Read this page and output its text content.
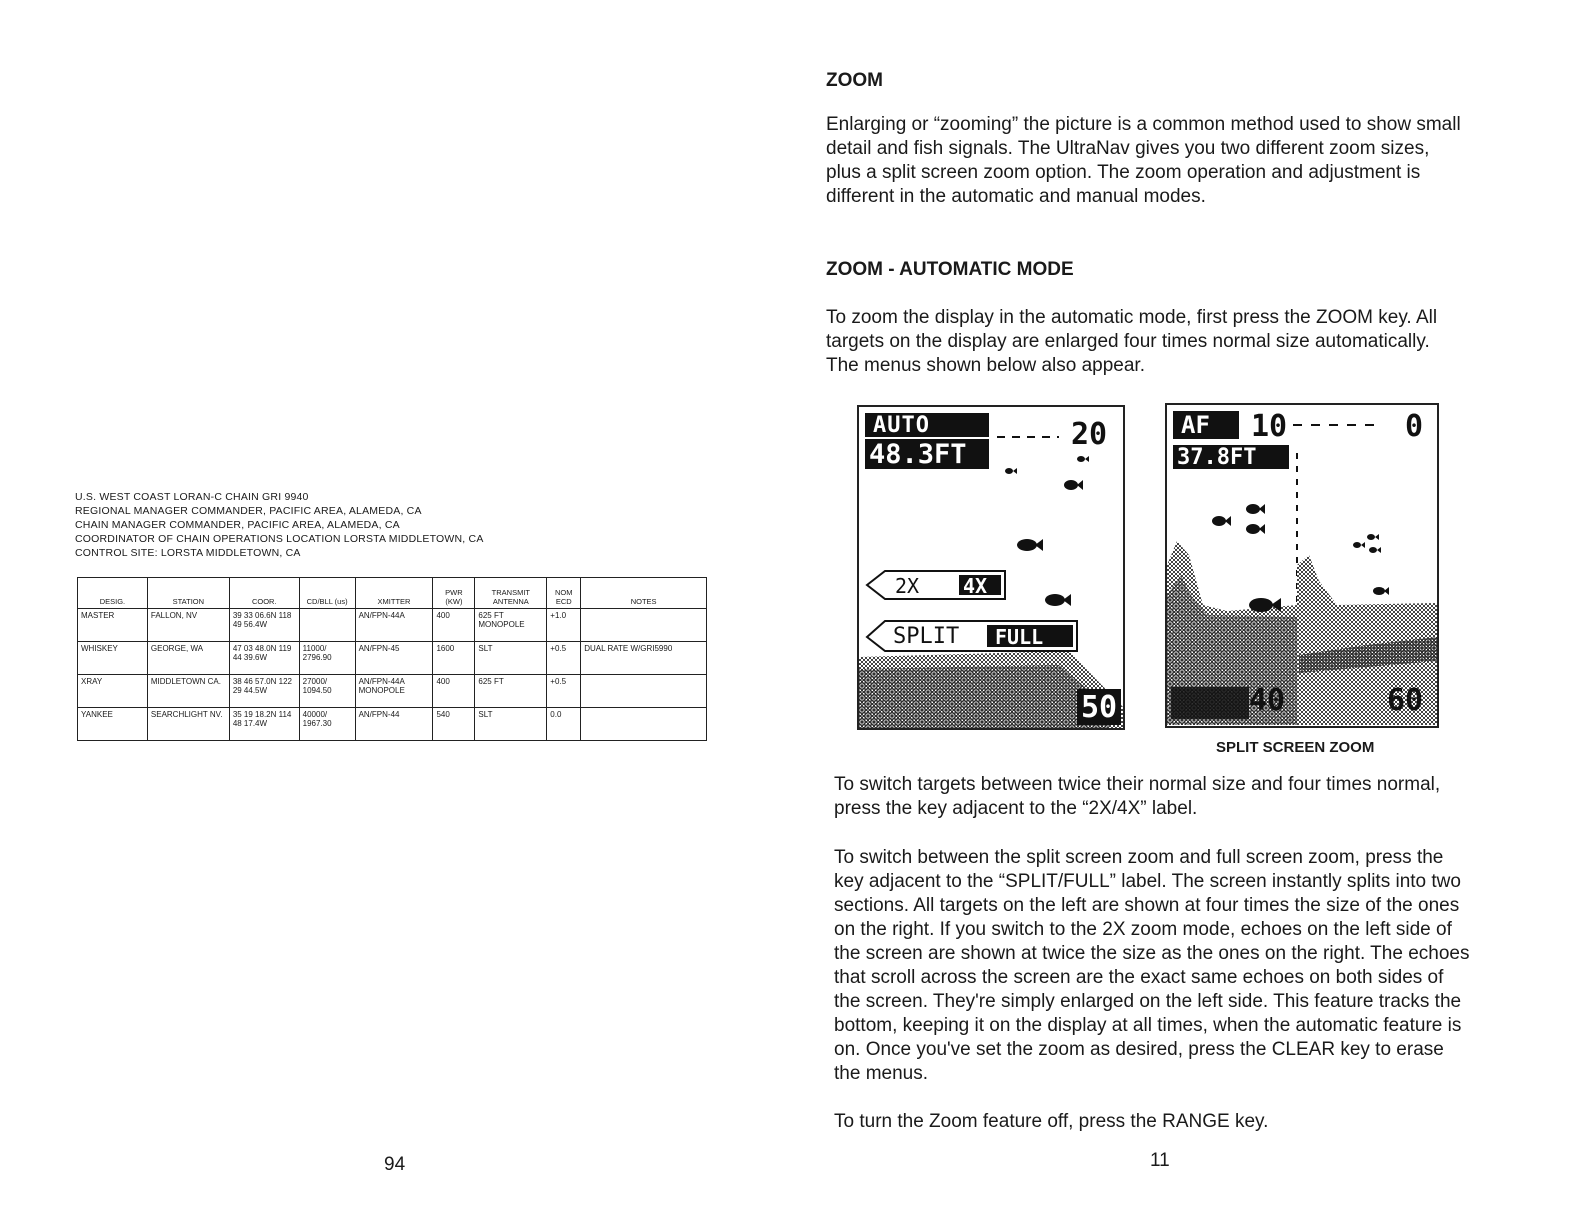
U.S. WEST COAST LORAN-C CHAIN GRI 9940
REGIONAL MANAGER COMMANDER, PACIFIC AREA, ALAMEDA, CA
CHAIN MANAGER COMMANDER, PACIFIC AREA, ALAMEDA, CA
COORDINATOR OF CHAIN OPERATIONS LOCATION LORSTA MIDDLETOWN, CA
CONTROL SITE: LORSTA MIDDLETOWN, CA
DESIG.	STATION	COOR.	CD/BLL (us)	XMITTER	PWR (KW)	TRANSMIT ANTENNA	NOM ECD	NOTES
MASTER	FALLON, NV	39 33 06.6N 118 49 56.4W		AN/FPN-44A	400	625 FT MONOPOLE	+1.0	
WHISKEY	GEORGE, WA	47 03 48.0N 119 44 39.6W	11000/ 2796.90	AN/FPN-45	1600	SLT	+0.5	DUAL RATE W/GRI5990
XRAY	MIDDLETOWN CA.	38 46 57.0N 122 29 44.5W	27000/ 1094.50	AN/FPN-44A MONOPOLE	400	625 FT	+0.5	
YANKEE	SEARCHLIGHT NV.	35 19 18.2N 114 48 17.4W	40000/ 1967.30	AN/FPN-44	540	SLT	0.0	
94
ZOOM
Enlarging or “zooming” the picture is a common method used to show small detail and fish signals. The UltraNav gives you two different zoom sizes, plus a split screen zoom option. The zoom operation and adjustment is different in the automatic and manual modes.
ZOOM - AUTOMATIC MODE
To zoom the display in the automatic mode, first press the ZOOM key. All targets on the display are enlarged four times normal size automatically. The menus shown below also appear.
AUTO
48.3FT
20
2X 4X
SPLIT FULL
50
AF
37.8FT
10	0
40	60
SPLIT SCREEN ZOOM
To switch targets between twice their normal size and four times normal, press the key adjacent to the “2X/4X” label.
To switch between the split screen zoom and full screen zoom, press the key adjacent to the “SPLIT/FULL” label. The screen instantly splits into two sections. All targets on the left are shown at four times the size of the ones on the right. If you switch to the 2X zoom mode, echoes on the left side of the screen are shown at twice the size as the ones on the right. The echoes that scroll across the screen are the exact same echoes on both sides of the screen. They're simply enlarged on the left side. This feature tracks the bottom, keeping it on the display at all times, when the automatic feature is on. Once you've set the zoom as desired, press the CLEAR key to erase the menus.
To turn the Zoom feature off, press the RANGE key.
11
